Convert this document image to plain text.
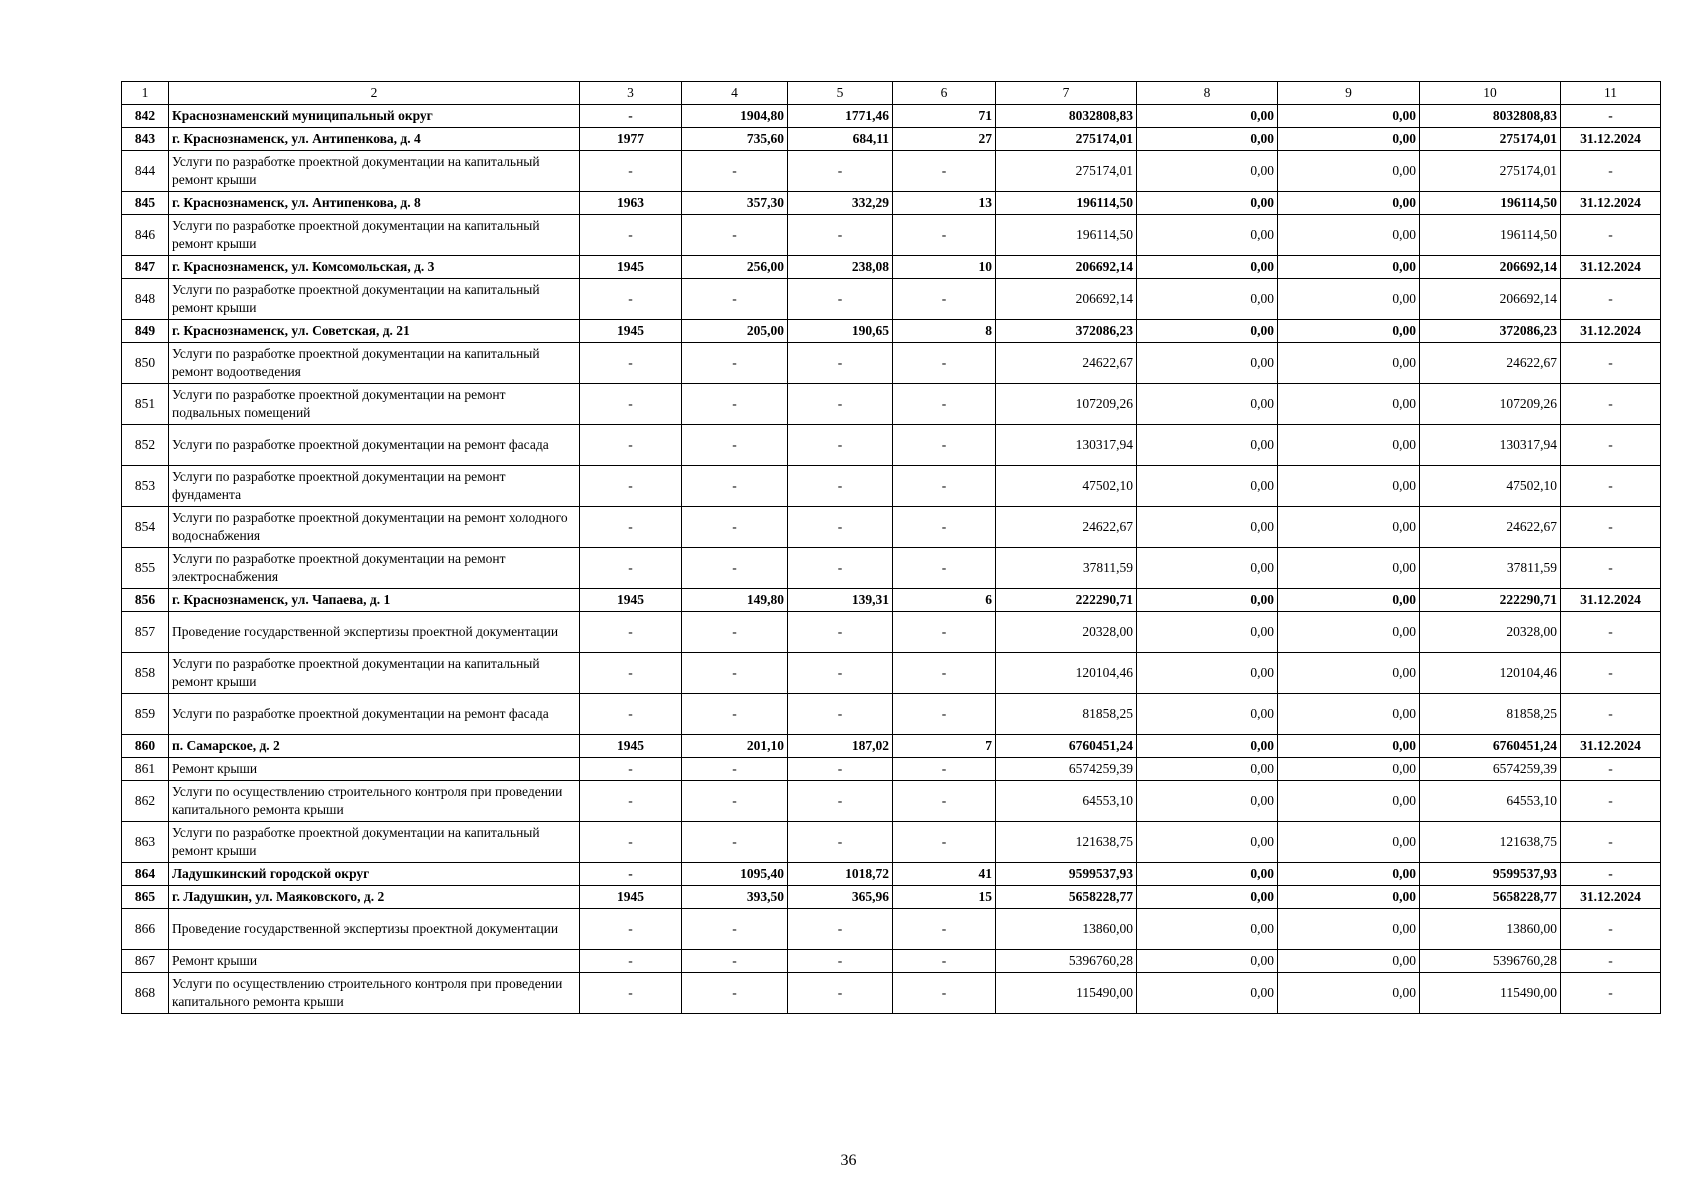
1	2	3	4	5	6	7	8	9	10	11
842	Краснознаменский муниципальный округ	-	1904,80	1771,46	71	8032808,83	0,00	0,00	8032808,83	-
843	г. Краснознаменск, ул. Антипенкова, д. 4	1977	735,60	684,11	27	275174,01	0,00	0,00	275174,01	31.12.2024
844	Услуги по разработке проектной документации на капитальный ремонт крыши	-	-	-	-	275174,01	0,00	0,00	275174,01	-
845	г. Краснознаменск, ул. Антипенкова, д. 8	1963	357,30	332,29	13	196114,50	0,00	0,00	196114,50	31.12.2024
846	Услуги по разработке проектной документации на капитальный ремонт крыши	-	-	-	-	196114,50	0,00	0,00	196114,50	-
847	г. Краснознаменск, ул. Комсомольская, д. 3	1945	256,00	238,08	10	206692,14	0,00	0,00	206692,14	31.12.2024
848	Услуги по разработке проектной документации на капитальный ремонт крыши	-	-	-	-	206692,14	0,00	0,00	206692,14	-
849	г. Краснознаменск, ул. Советская, д. 21	1945	205,00	190,65	8	372086,23	0,00	0,00	372086,23	31.12.2024
850	Услуги по разработке проектной документации на капитальный ремонт водоотведения	-	-	-	-	24622,67	0,00	0,00	24622,67	-
851	Услуги по разработке проектной документации на ремонт подвальных помещений	-	-	-	-	107209,26	0,00	0,00	107209,26	-
852	Услуги по разработке проектной документации на ремонт фасада	-	-	-	-	130317,94	0,00	0,00	130317,94	-
853	Услуги по разработке проектной документации на ремонт фундамента	-	-	-	-	47502,10	0,00	0,00	47502,10	-
854	Услуги по разработке проектной документации на ремонт холодного водоснабжения	-	-	-	-	24622,67	0,00	0,00	24622,67	-
855	Услуги по разработке проектной документации на ремонт электроснабжения	-	-	-	-	37811,59	0,00	0,00	37811,59	-
856	г. Краснознаменск, ул. Чапаева, д. 1	1945	149,80	139,31	6	222290,71	0,00	0,00	222290,71	31.12.2024
857	Проведение государственной экспертизы проектной документации	-	-	-	-	20328,00	0,00	0,00	20328,00	-
858	Услуги по разработке проектной документации на капитальный ремонт крыши	-	-	-	-	120104,46	0,00	0,00	120104,46	-
859	Услуги по разработке проектной документации на ремонт фасада	-	-	-	-	81858,25	0,00	0,00	81858,25	-
860	п. Самарское, д. 2	1945	201,10	187,02	7	6760451,24	0,00	0,00	6760451,24	31.12.2024
861	Ремонт крыши	-	-	-	-	6574259,39	0,00	0,00	6574259,39	-
862	Услуги по осуществлению строительного контроля при проведении капитального ремонта крыши	-	-	-	-	64553,10	0,00	0,00	64553,10	-
863	Услуги по разработке проектной документации на капитальный ремонт крыши	-	-	-	-	121638,75	0,00	0,00	121638,75	-
864	Ладушкинский городской округ	-	1095,40	1018,72	41	9599537,93	0,00	0,00	9599537,93	-
865	г. Ладушкин, ул. Маяковского, д. 2	1945	393,50	365,96	15	5658228,77	0,00	0,00	5658228,77	31.12.2024
866	Проведение государственной экспертизы проектной документации	-	-	-	-	13860,00	0,00	0,00	13860,00	-
867	Ремонт крыши	-	-	-	-	5396760,28	0,00	0,00	5396760,28	-
868	Услуги по осуществлению строительного контроля при проведении капитального ремонта крыши	-	-	-	-	115490,00	0,00	0,00	115490,00	-
36
